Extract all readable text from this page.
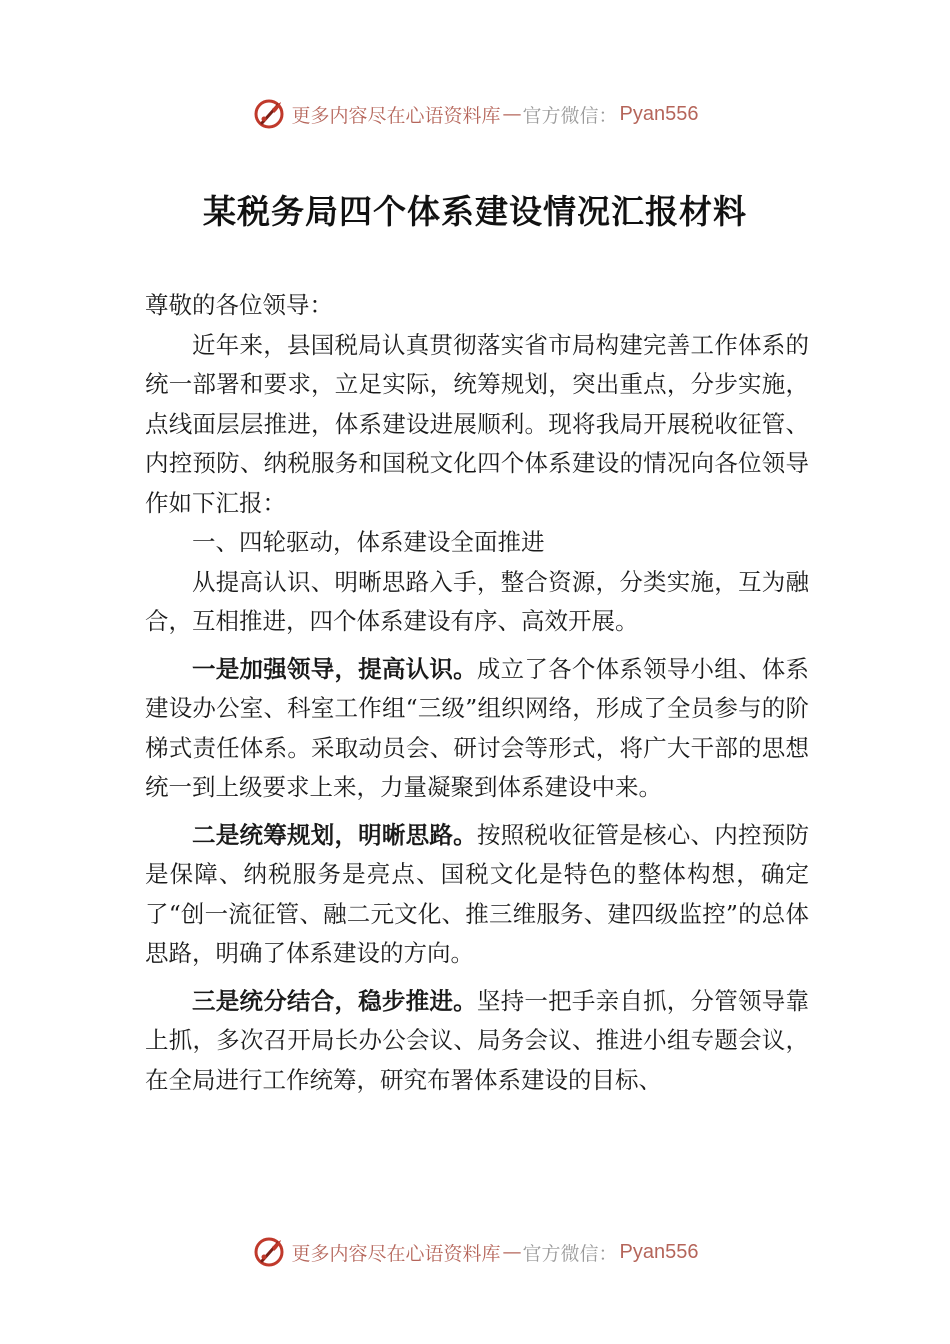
更多内容尽在心语资料库 — 官方微信： Pyan556
某税务局四个体系建设情况汇报材料

尊敬的各位领导：

近年来，县国税局认真贯彻落实省市局构建完善工作体系的统一部署和要求，立足实际，统筹规划，突出重点，分步实施，点线面层层推进，体系建设进展顺利。现将我局开展税收征管、内控预防、纳税服务和国税文化四个体系建设的情况向各位领导作如下汇报：

一、四轮驱动，体系建设全面推进

从提高认识、明晰思路入手，整合资源，分类实施，互为融合，互相推进，四个体系建设有序、高效开展。

一是加强领导，提高认识。成立了各个体系领导小组、体系建设办公室、科室工作组“三级”组织网络，形成了全员参与的阶梯式责任体系。采取动员会、研讨会等形式，将广大干部的思想统一到上级要求上来，力量凝聚到体系建设中来。

二是统筹规划，明晰思路。按照税收征管是核心、内控预防是保障、纳税服务是亮点、国税文化是特色的整体构想，确定了“创一流征管、融二元文化、推三维服务、建四级监控”的总体思路，明确了体系建设的方向。

三是统分结合，稳步推进。坚持一把手亲自抓，分管领导靠上抓，多次召开局长办公会议、局务会议、推进小组专题会议，在全局进行工作统筹，研究布署体系建设的目标、

更多内容尽在心语资料库 — 官方微信： Pyan556
